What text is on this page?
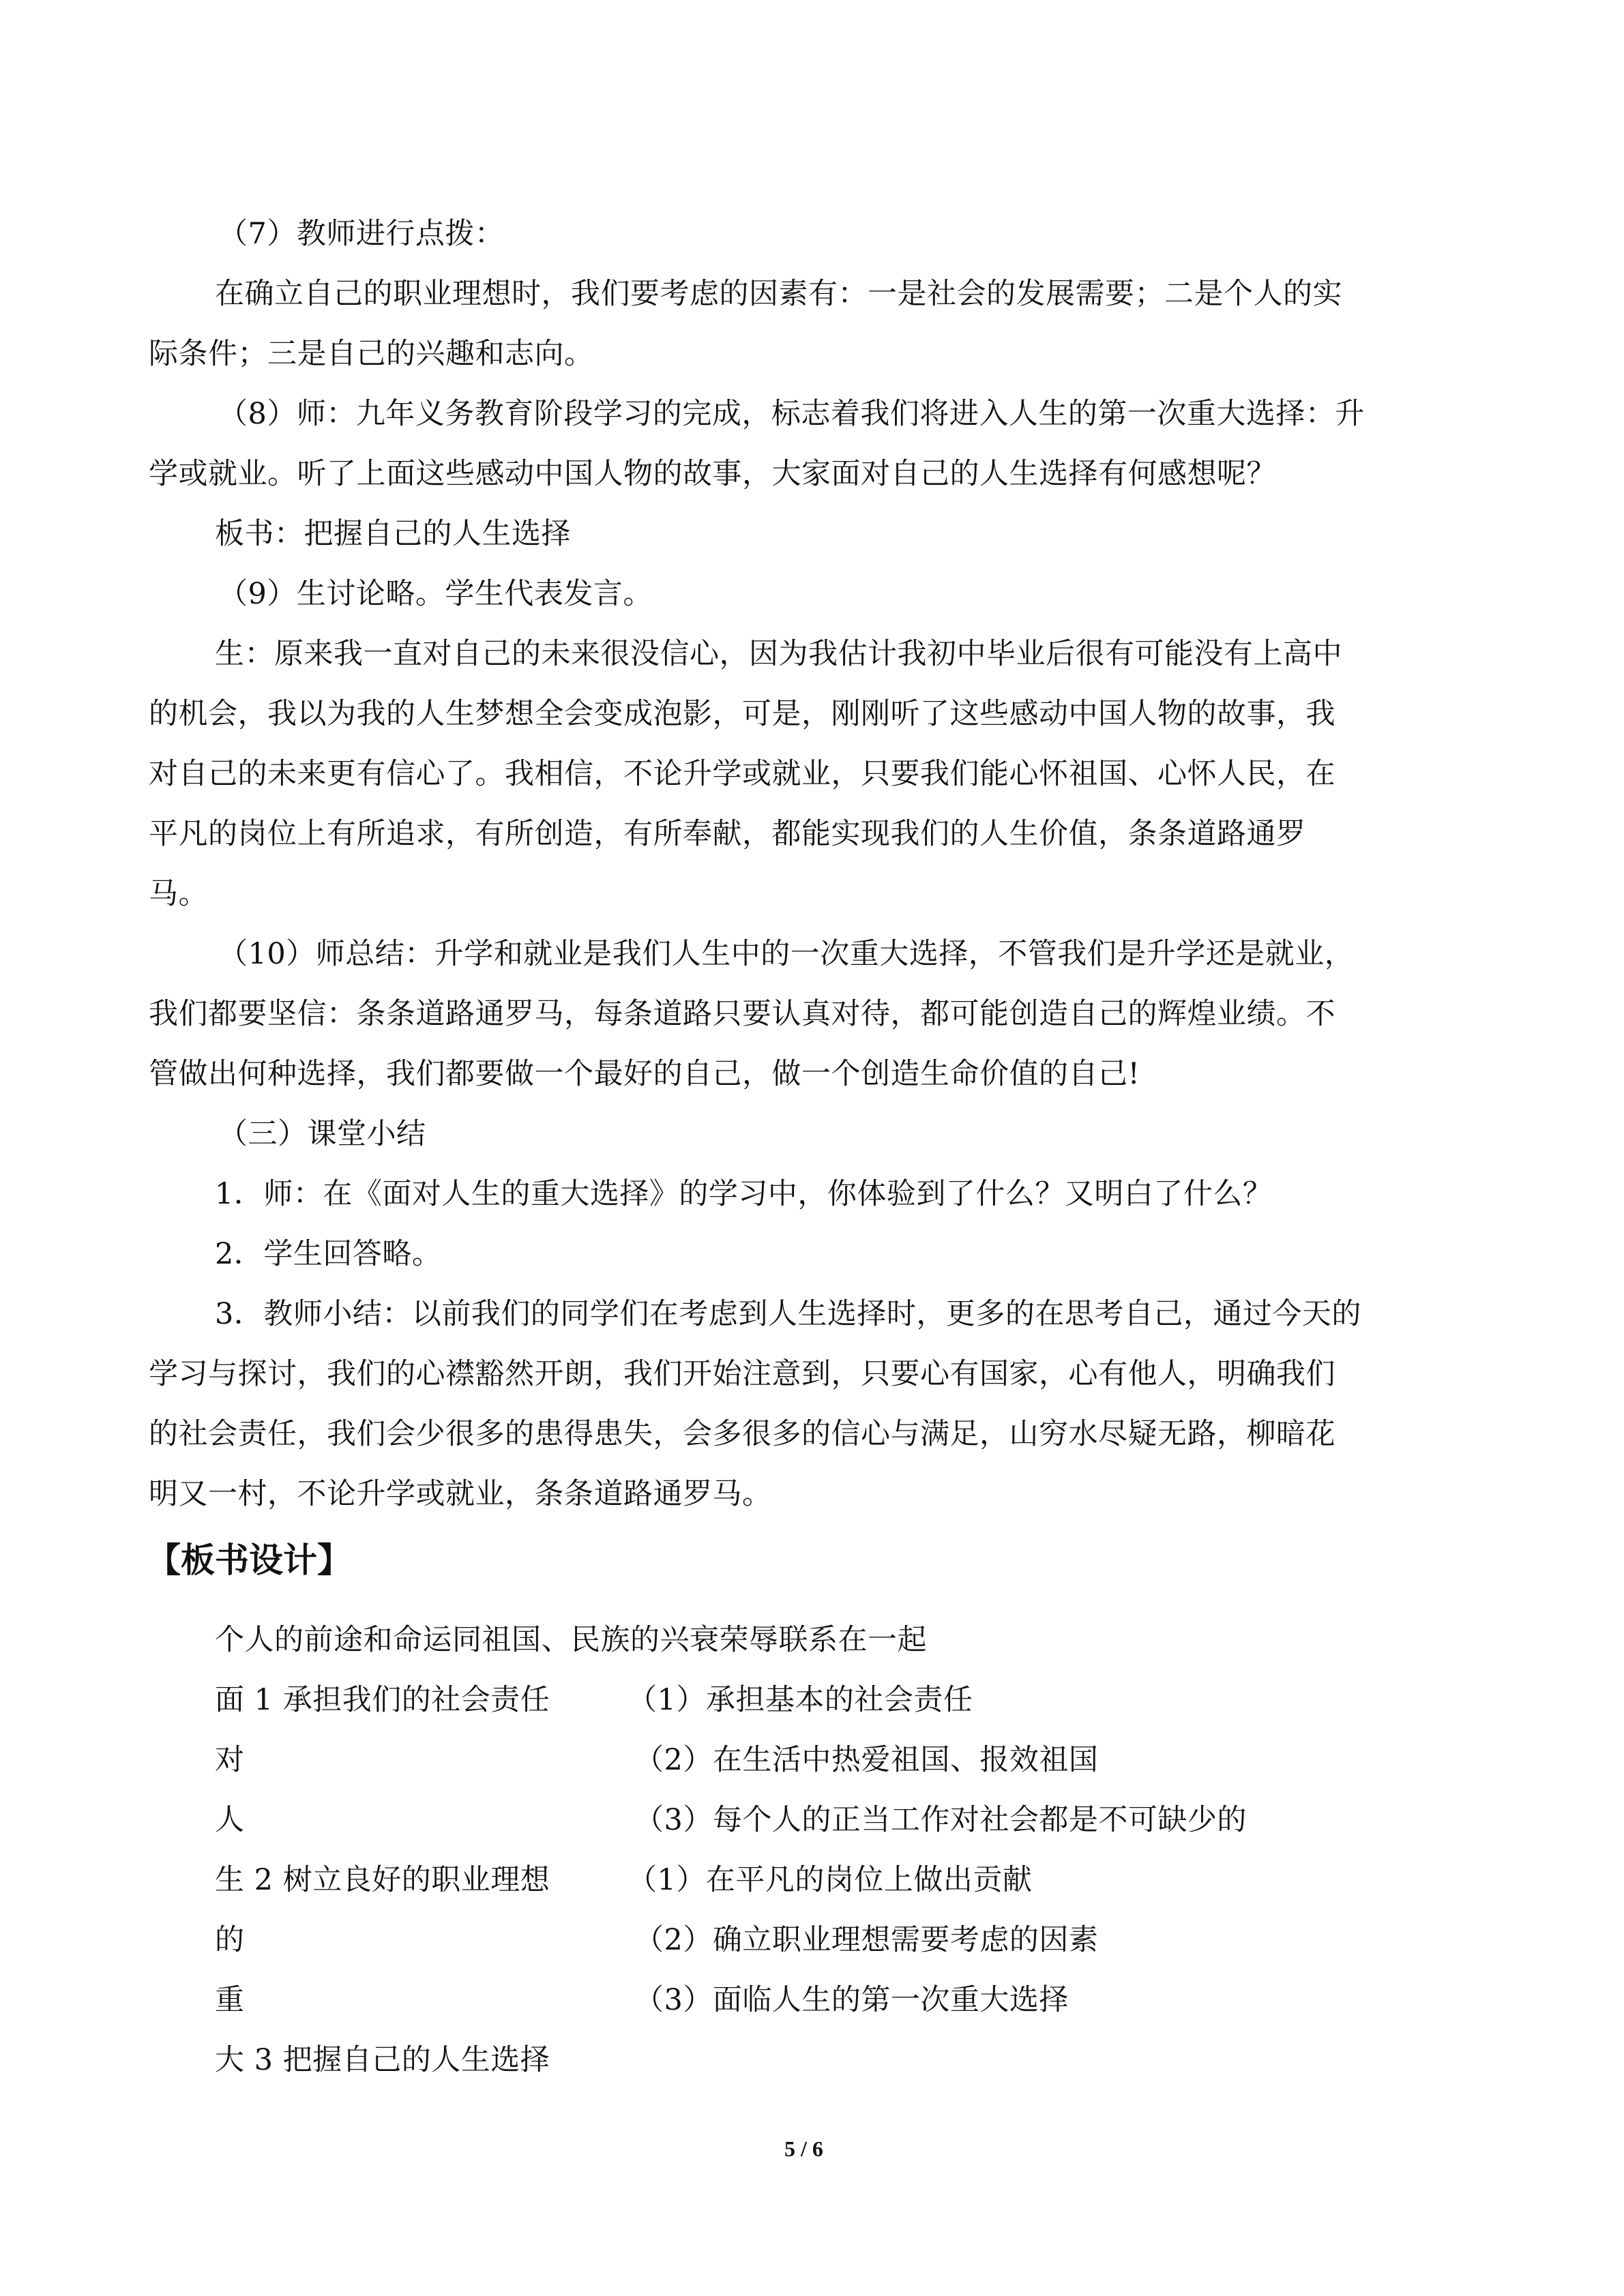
（7）教师进行点拨：
在确立自己的职业理想时，我们要考虑的因素有：一是社会的发展需要；二是个人的实
际条件；三是自己的兴趣和志向。
（8）师：九年义务教育阶段学习的完成，标志着我们将进入人生的第一次重大选择：升
学或就业。听了上面这些感动中国人物的故事，大家面对自己的人生选择有何感想呢？
板书：把握自己的人生选择
（9）生讨论略。学生代表发言。
生：原来我一直对自己的未来很没信心，因为我估计我初中毕业后很有可能没有上高中
的机会，我以为我的人生梦想全会变成泡影，可是，刚刚听了这些感动中国人物的故事，我
对自己的未来更有信心了。我相信，不论升学或就业，只要我们能心怀祖国、心怀人民，在
平凡的岗位上有所追求，有所创造，有所奉献，都能实现我们的人生价值，条条道路通罗
马。
（10）师总结：升学和就业是我们人生中的一次重大选择，不管我们是升学还是就业，
我们都要坚信：条条道路通罗马，每条道路只要认真对待，都可能创造自己的辉煌业绩。不
管做出何种选择，我们都要做一个最好的自己，做一个创造生命价值的自己!
（三）课堂小结
1．师：在《面对人生的重大选择》的学习中，你体验到了什么？又明白了什么？
2．学生回答略。
3．教师小结：以前我们的同学们在考虑到人生选择时，更多的在思考自己，通过今天的
学习与探讨，我们的心襟豁然开朗，我们开始注意到，只要心有国家，心有他人，明确我们
的社会责任，我们会少很多的患得患失，会多很多的信心与满足，山穷水尽疑无路，柳暗花
明又一村，不论升学或就业，条条道路通罗马。
【板书设计】
个人的前途和命运同祖国、民族的兴衰荣辱联系在一起
面 1 承担我们的社会责任	（1）承担基本的社会责任
对	（2）在生活中热爱祖国、报效祖国
人	（3）每个人的正当工作对社会都是不可缺少的
生 2 树立良好的职业理想	（1）在平凡的岗位上做出贡献
的	（2）确立职业理想需要考虑的因素
重	（3）面临人生的第一次重大选择
大 3 把握自己的人生选择
5 / 6
